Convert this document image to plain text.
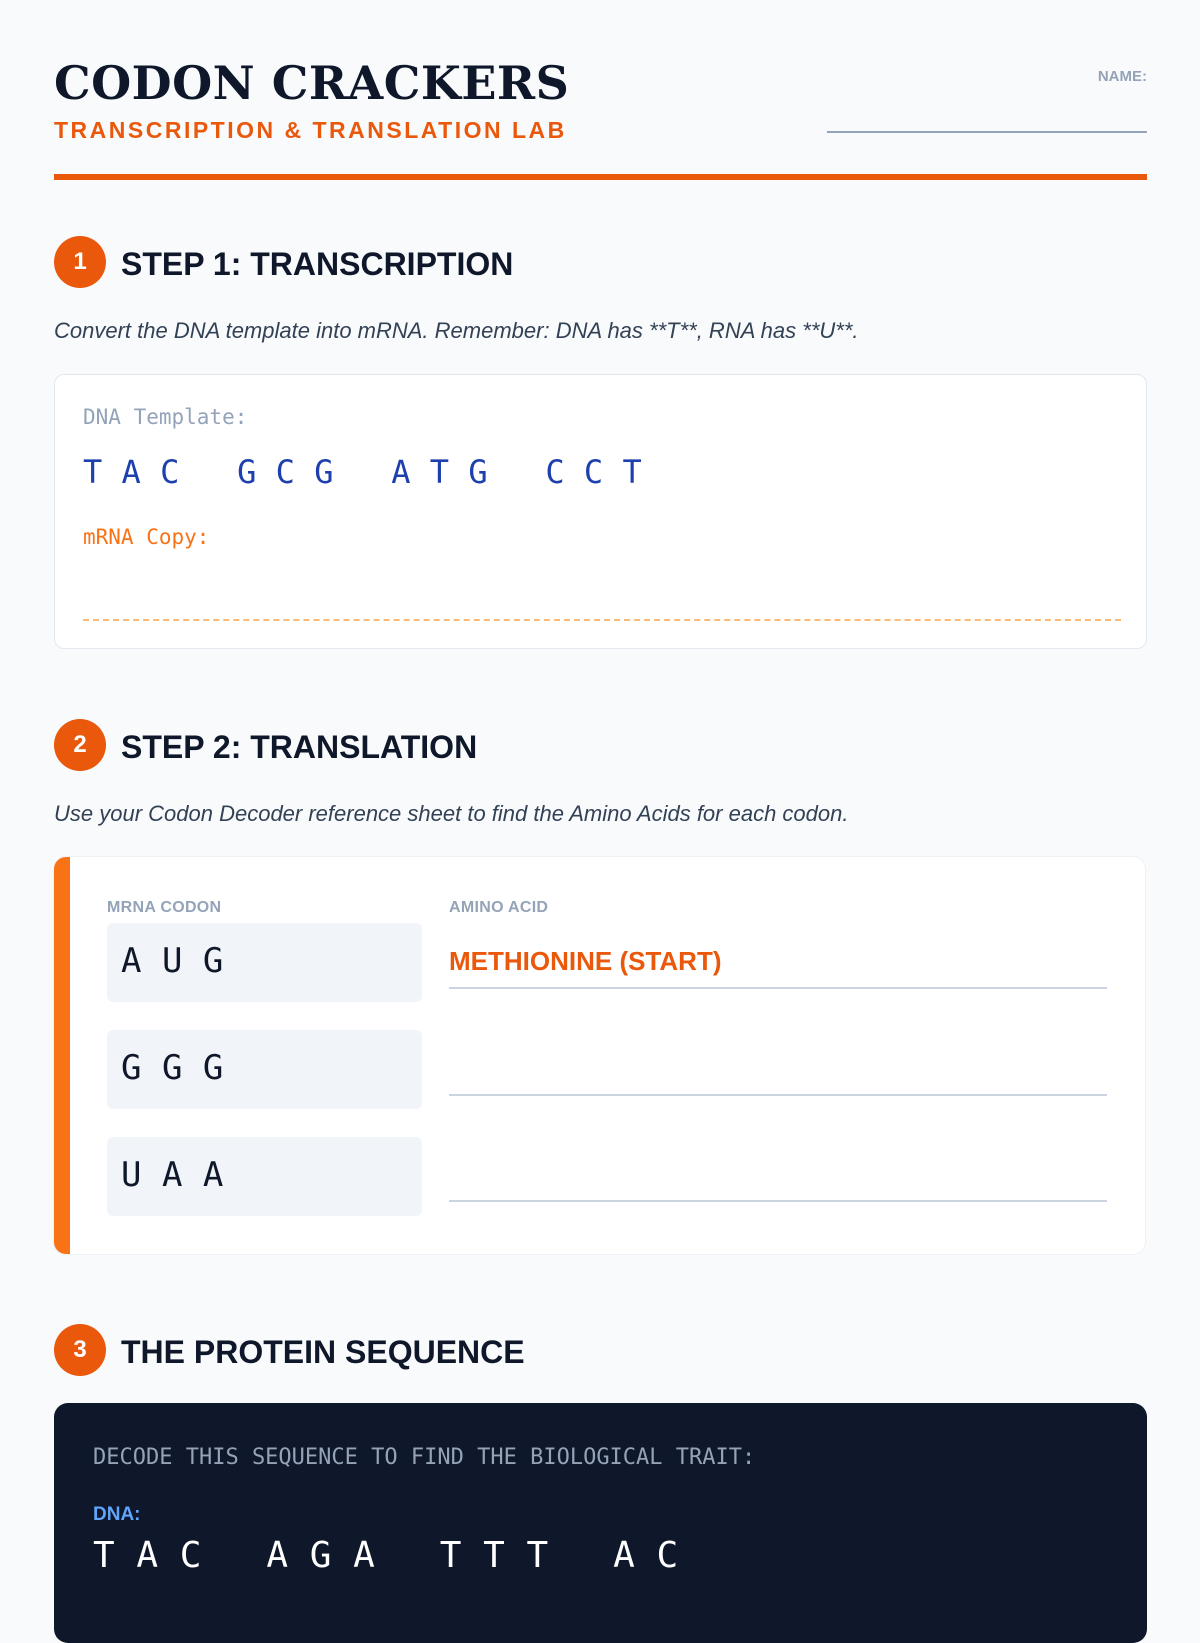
CODON CRACKERS
TRANSCRIPTION & TRANSLATION LAB
NAME:
1	STEP 1: TRANSCRIPTION
Convert the DNA template into mRNA. Remember: DNA has **T**, RNA has **U**.
DNA Template:
T A C   G C G   A T G   C C T
mRNA Copy:
2	STEP 2: TRANSLATION
Use your Codon Decoder reference sheet to find the Amino Acids for each codon.
MRNA CODON	AMINO ACID
A U G	METHIONINE (START)
G G G
U A A
3	THE PROTEIN SEQUENCE
DECODE THIS SEQUENCE TO FIND THE BIOLOGICAL TRAIT:
DNA:
T A C   A G A   T T T   A C
